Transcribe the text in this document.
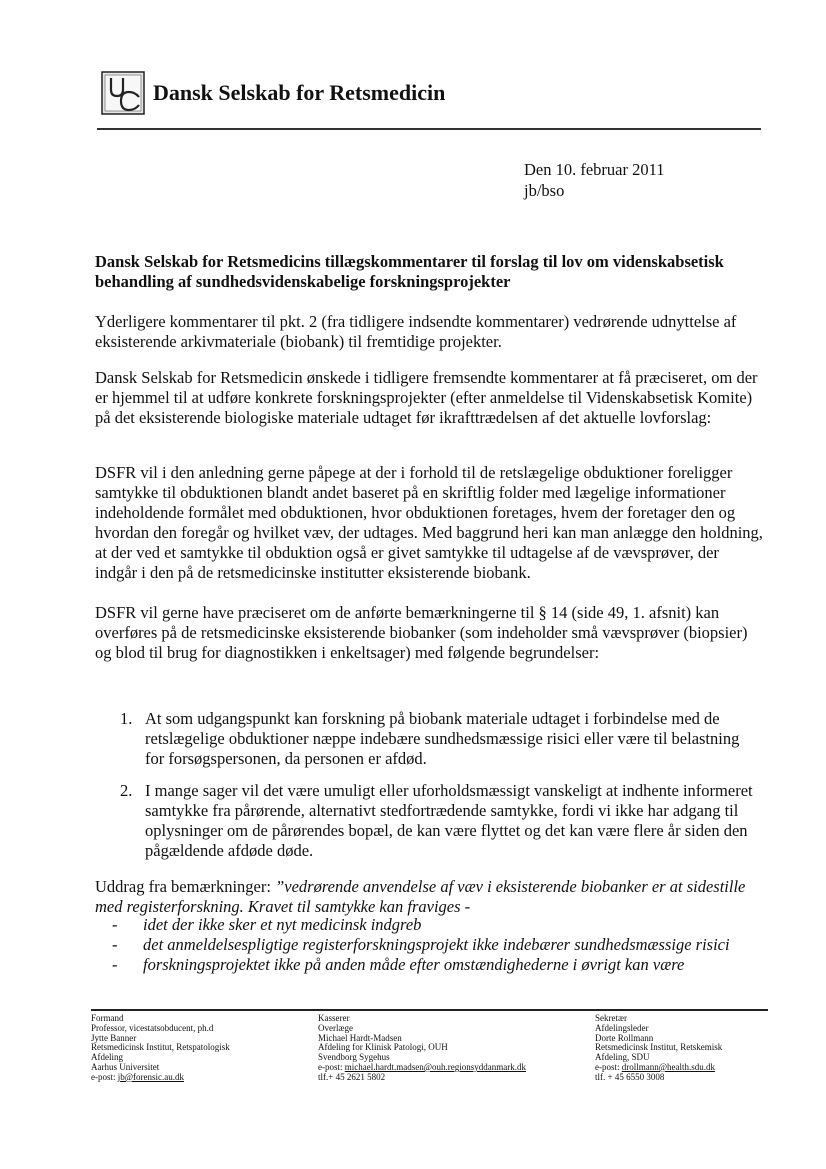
Dansk Selskab for Retsmedicin
Den 10. februar 2011
jb/bso
Dansk Selskab for Retsmedicins tillægskommentarer til forslag til lov om videnskabsetisk behandling af sundhedsvidenskabelige forskningsprojekter
Yderligere kommentarer til pkt. 2 (fra tidligere indsendte kommentarer) vedrørende udnyttelse af eksisterende arkivmateriale (biobank) til fremtidige projekter.
Dansk Selskab for Retsmedicin ønskede i tidligere fremsendte kommentarer at få præciseret, om der er hjemmel til at udføre konkrete forskningsprojekter (efter anmeldelse til Videnskabsetisk Komite) på det eksisterende biologiske materiale udtaget før ikrafttrædelsen af det aktuelle lovforslag:
DSFR vil i den anledning gerne påpege at der i forhold til de retslægelige obduktioner foreligger samtykke til obduktionen blandt andet baseret på en skriftlig folder med lægelige informationer indeholdende formålet med obduktionen, hvor obduktionen foretages, hvem der foretager den og hvordan den foregår og hvilket væv, der udtages. Med baggrund heri kan man anlægge den holdning, at der ved et samtykke til obduktion også er givet samtykke til udtagelse af de vævsprøver, der indgår i den på de retsmedicinske institutter eksisterende biobank.
DSFR vil gerne have præciseret om de anførte bemærkningerne til § 14 (side 49, 1. afsnit) kan overføres på de retsmedicinske eksisterende biobanker (som indeholder små vævsprøver (biopsier) og blod til brug for diagnostikken i enkeltsager) med følgende begrundelser:
1. At som udgangspunkt kan forskning på biobank materiale udtaget i forbindelse med de retslægelige obduktioner næppe indebære sundhedsmæssige risici eller være til belastning for forsøgspersonen, da personen er afdød.
2. I mange sager vil det være umuligt eller uforholdsmæssigt vanskeligt at indhente informeret samtykke fra pårørende, alternativt stedfortrædende samtykke, fordi vi ikke har adgang til oplysninger om de pårørendes bopæl, de kan være flyttet og det kan være flere år siden den pågældende afdøde døde.
Uddrag fra bemærkninger: ”vedrørende anvendelse af væv i eksisterende biobanker er at sidestille med registerforskning. Kravet til samtykke kan fraviges -
- idet der ikke sker et nyt medicinsk indgreb
- det anmeldelsespligtige registerforskningsprojekt ikke indebærer sundhedsmæssige risici
- forskningsprojektet ikke på anden måde efter omstændighederne i øvrigt kan være
Formand
Professor, vicestatsobducent, ph.d
Jytte Banner
Retsmedicinsk Institut, Retspatologisk
Afdeling
Aarhus Universitet
e-post: jb@forensic.au.dk
Kasserer
Overlæge
Michael Hardt-Madsen
Afdeling for Klinisk Patologi, OUH
Svendborg Sygehus
e-post: michael.hardt.madsen@ouh.regionsyddanmark.dk
tlf.+ 45 2621 5802
Sekretær
Afdelingsleder
Dorte Rollmann
Retsmedicinsk Institut, Retskemisk
Afdeling, SDU
e-post: drollmann@health.sdu.dk
tlf. + 45 6550 3008
